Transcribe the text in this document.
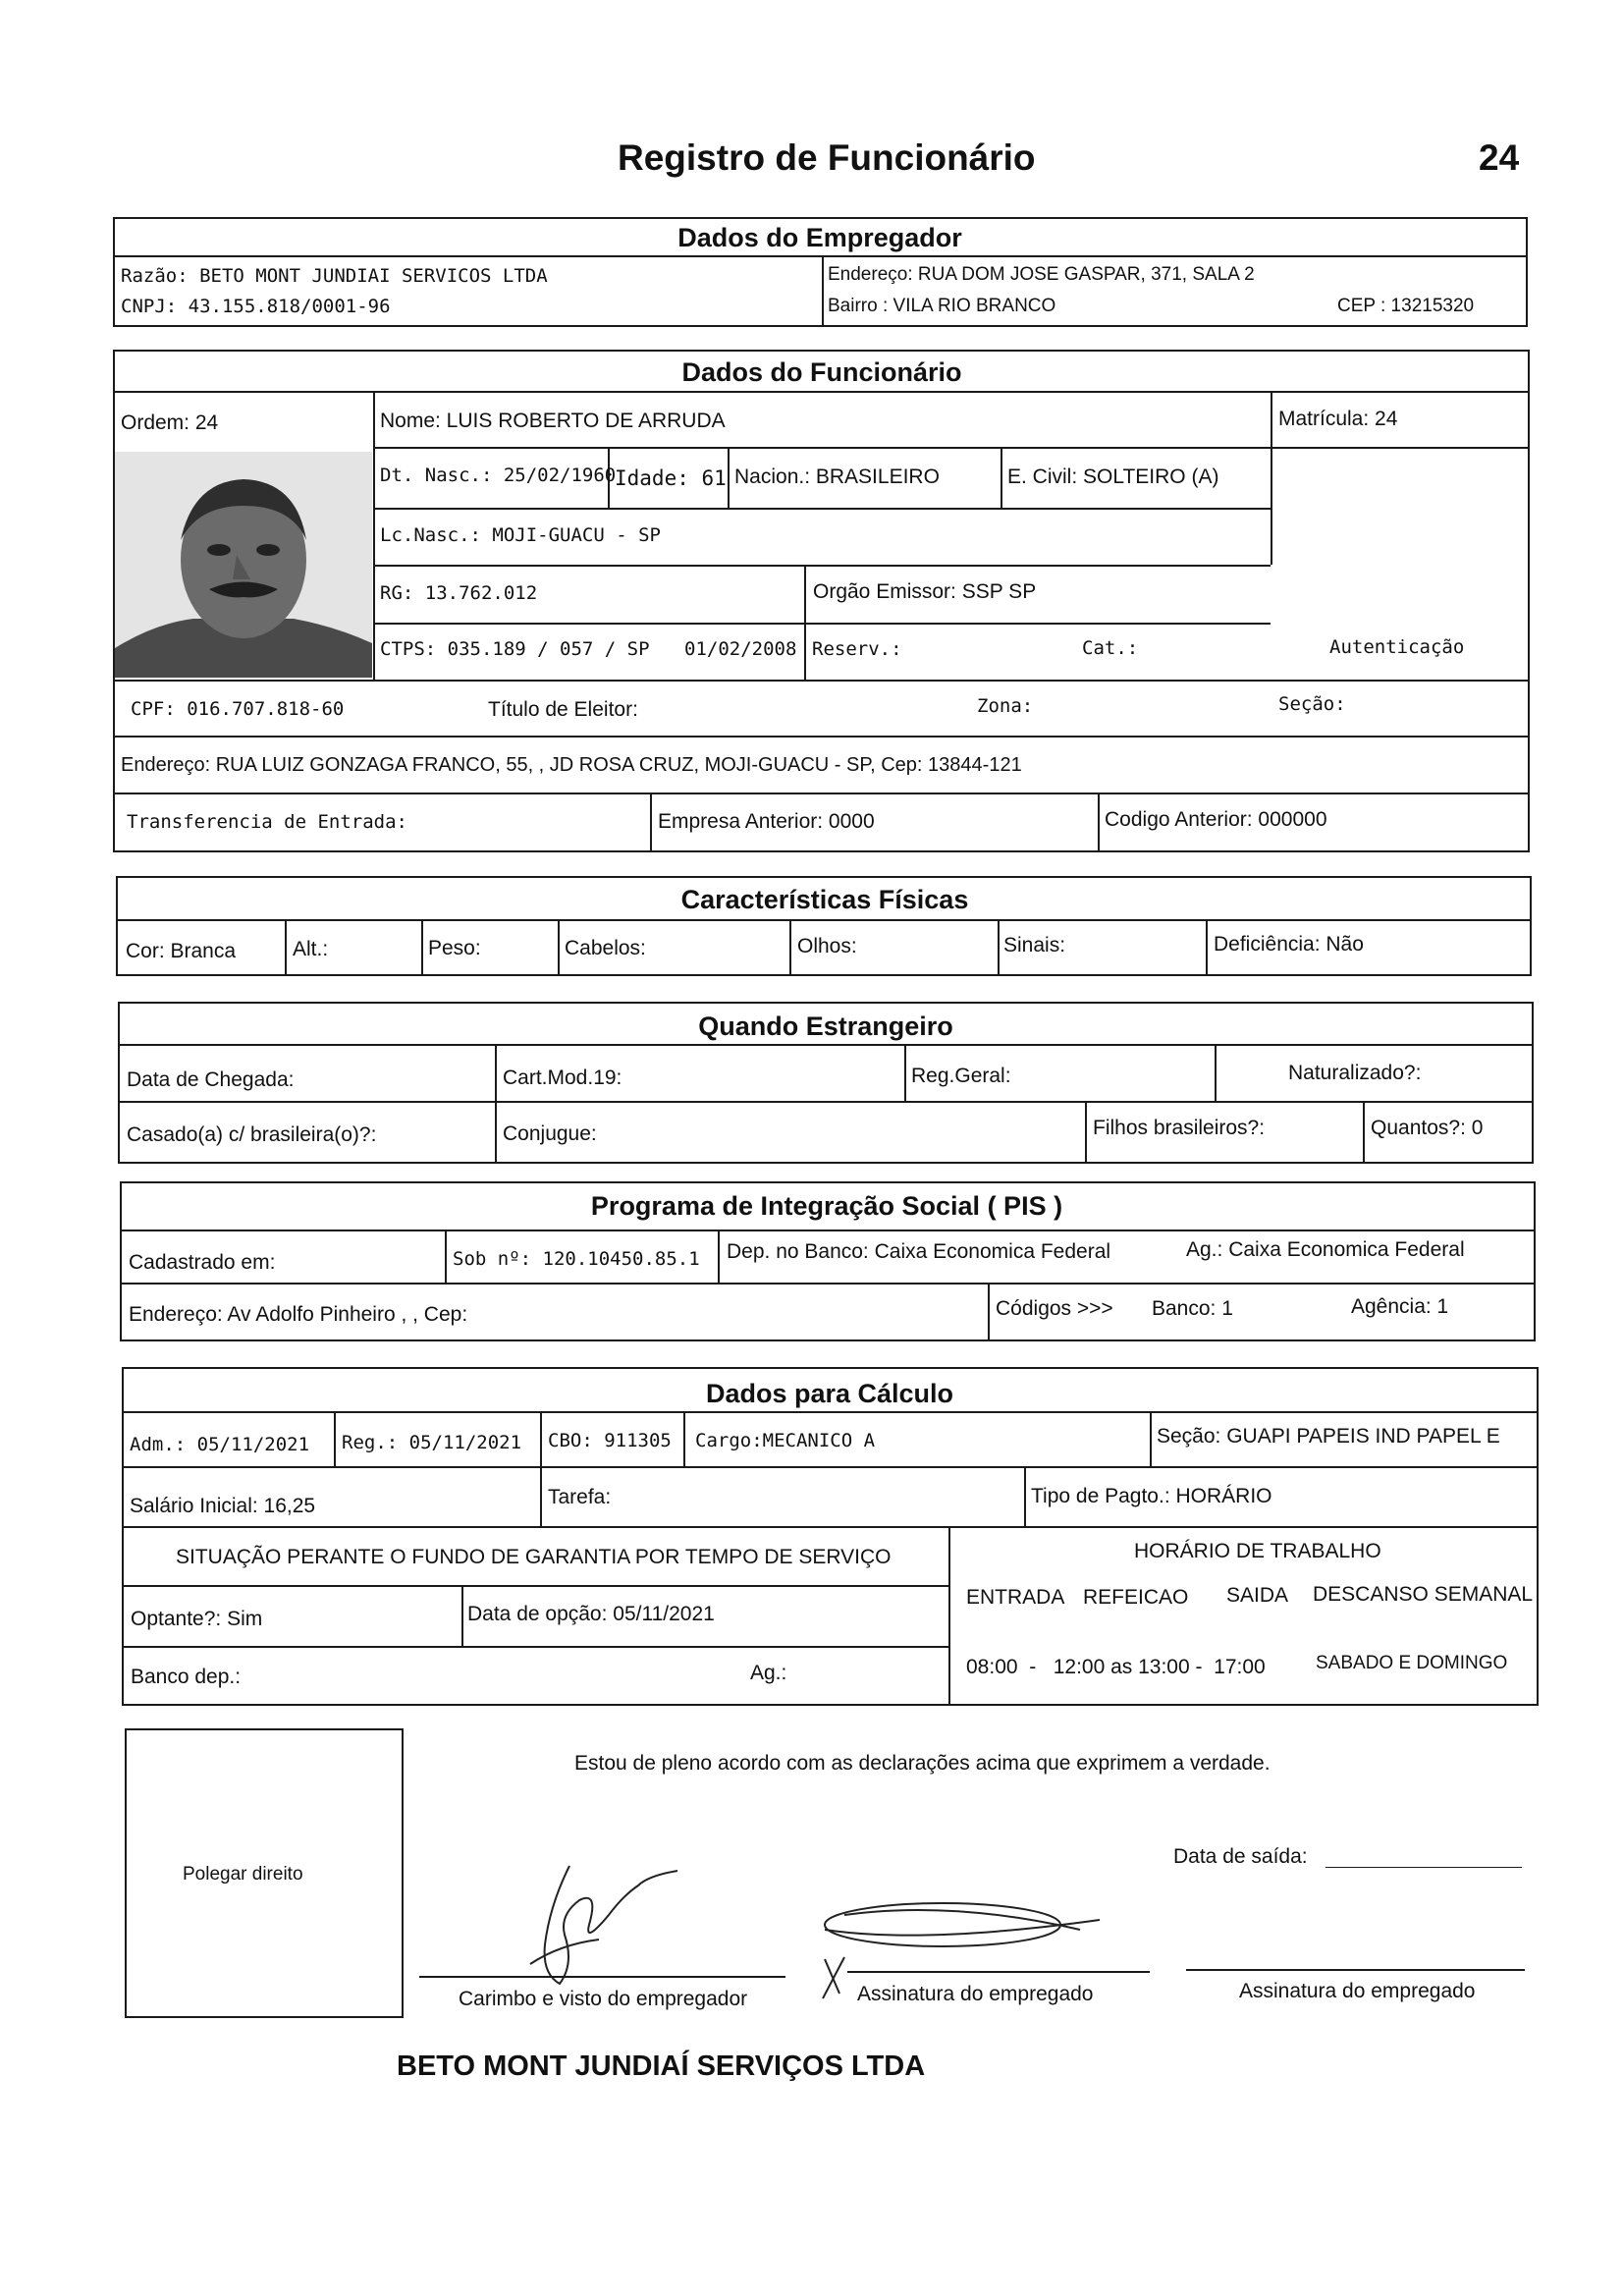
Registro de Funcionário	24
Dados do Empregador
Razão: BETO MONT JUNDIAI SERVICOS LTDA
CNPJ: 43.155.818/0001-96
Endereço: RUA DOM JOSE GASPAR, 371, SALA 2
Bairro : VILA RIO BRANCO	CEP : 13215320
Dados do Funcionário
Ordem: 24	Nome: LUIS ROBERTO DE ARRUDA	Matrícula: 24
Dt. Nasc.: 25/02/1960
Idade: 61 Nacion.: BRASILEIRO	E. Civil: SOLTEIRO (A)
Lc.Nasc.: MOJI-GUACU - SP
RG: 13.762.012	Orgão Emissor: SSP SP
CTPS: 035.189 / 057 / SP 01/02/2008 Reserv.:	Cat.:	Autenticação
CPF: 016.707.818-60	Título de Eleitor:	Zona:	Seção:
Endereço: RUA LUIZ GONZAGA FRANCO, 55, , JD ROSA CRUZ, MOJI-GUACU - SP, Cep: 13844-121
Transferencia de Entrada:	Empresa Anterior: 0000	Codigo Anterior: 000000
Características Físicas
Cor: Branca	Alt.:	Peso:	Cabelos:	Olhos:	Sinais:	Deficiência: Não
Quando Estrangeiro
Data de Chegada:	Cart.Mod.19:	Reg.Geral:	Naturalizado?:
Casado(a) c/ brasileira(o)?:	Conjugue:	Filhos brasileiros?:	Quantos?: 0
Programa de Integração Social ( PIS )
Cadastrado em:	Sob nº: 120.10450.85.1 Dep. no Banco: Caixa Economica Federal	Ag.: Caixa Economica Federal
Endereço: Av Adolfo Pinheiro , , Cep:	Códigos >>> Banco: 1	Agência: 1
Dados para Cálculo
Adm.: 05/11/2021 Reg.: 05/11/2021 CBO: 911305 Cargo:MECANICO A	Seção: GUAPI PAPEIS IND PAPEL E
Salário Inicial: 16,25	Tarefa:	Tipo de Pagto.: HORÁRIO
SITUAÇÃO PERANTE O FUNDO DE GARANTIA POR TEMPO DE SERVIÇO	HORÁRIO DE TRABALHO
Optante?: Sim	Data de opção: 05/11/2021
ENTRADA REFEICAO SAIDA DESCANSO SEMANAL
Banco dep.:	Ag.:	08:00  -   12:00 as 13:00 -  17:00	SABADO E DOMINGO
Polegar direito
Estou de pleno acordo com as declarações acima que exprimem a verdade.
Data de saída:
Carimbo e visto do empregador	Assinatura do empregado	Assinatura do empregado
BETO MONT JUNDIAÍ SERVIÇOS LTDA
